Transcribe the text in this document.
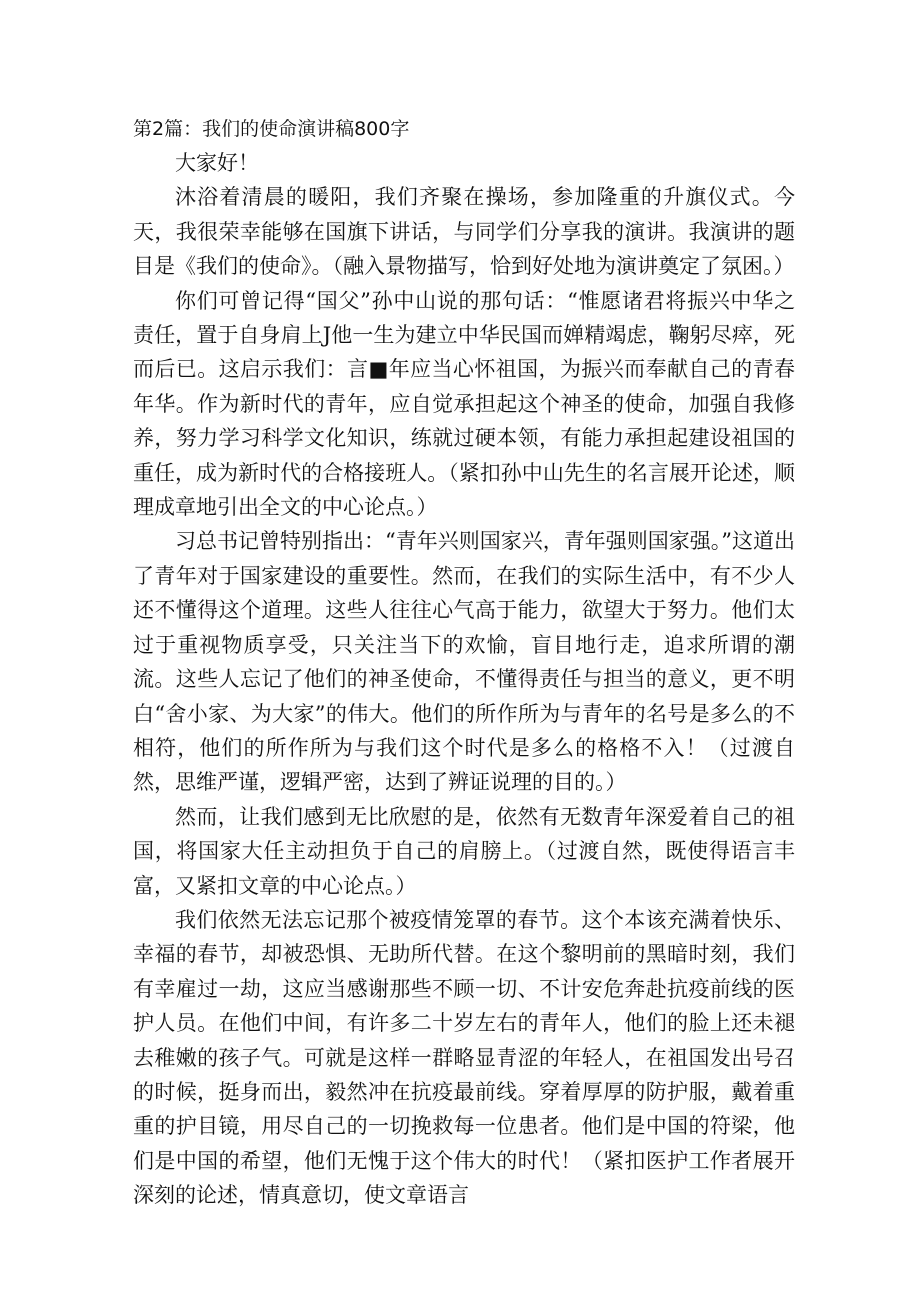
第2篇：我们的使命演讲稿800字

大家好！

沐浴着清晨的暖阳，我们齐聚在操场，参加隆重的升旗仪式。今天，我很荣幸能够在国旗下讲话，与同学们分享我的演讲。我演讲的题目是《我们的使命》。（融入景物描写，恰到好处地为演讲奠定了氛困。）

你们可曾记得“国父”孙中山说的那句话：“惟愿诸君将振兴中华之责任，置于自身肩上J他一生为建立中华民国而婵精竭虑，鞠躬尽瘁，死而后已。这启示我们：言■年应当心怀祖国，为振兴而奉献自己的青春年华。作为新时代的青年，应自觉承担起这个神圣的使命，加强自我修养，努力学习科学文化知识，练就过硬本领，有能力承担起建设祖国的重任，成为新时代的合格接班人。（紧扣孙中山先生的名言展开论述，顺理成章地引出全文的中心论点。）

习总书记曾特别指出：“青年兴则国家兴，青年强则国家强。”这道出了青年对于国家建设的重要性。然而，在我们的实际生活中，有不少人还不懂得这个道理。这些人往往心气高于能力，欲望大于努力。他们太过于重视物质享受，只关注当下的欢愉，盲目地行走，追求所谓的潮流。这些人忘记了他们的神圣使命，不懂得责任与担当的意义，更不明白“舍小家、为大家”的伟大。他们的所作所为与青年的名号是多么的不相符，他们的所作所为与我们这个时代是多么的格格不入！（过渡自然，思维严谨，逻辑严密，达到了辨证说理的目的。）

然而，让我们感到无比欣慰的是，依然有无数青年深爱着自己的祖国，将国家大任主动担负于自己的肩膀上。（过渡自然，既使得语言丰富，又紧扣文章的中心论点。）

我们依然无法忘记那个被疫情笼罩的春节。这个本该充满着快乐、幸福的春节，却被恐惧、无助所代替。在这个黎明前的黑暗时刻，我们有幸雇过一劫，这应当感谢那些不顾一切、不计安危奔赴抗疫前线的医护人员。在他们中间，有许多二十岁左右的青年人，他们的脸上还未褪去稚嫩的孩子气。可就是这样一群略显青涩的年轻人，在祖国发出号召的时候，挺身而出，毅然冲在抗疫最前线。穿着厚厚的防护服，戴着重重的护目镜，用尽自己的一切挽救每一位患者。他们是中国的符梁，他们是中国的希望，他们无愧于这个伟大的时代！（紧扣医护工作者展开深刻的论述，情真意切，使文章语言
